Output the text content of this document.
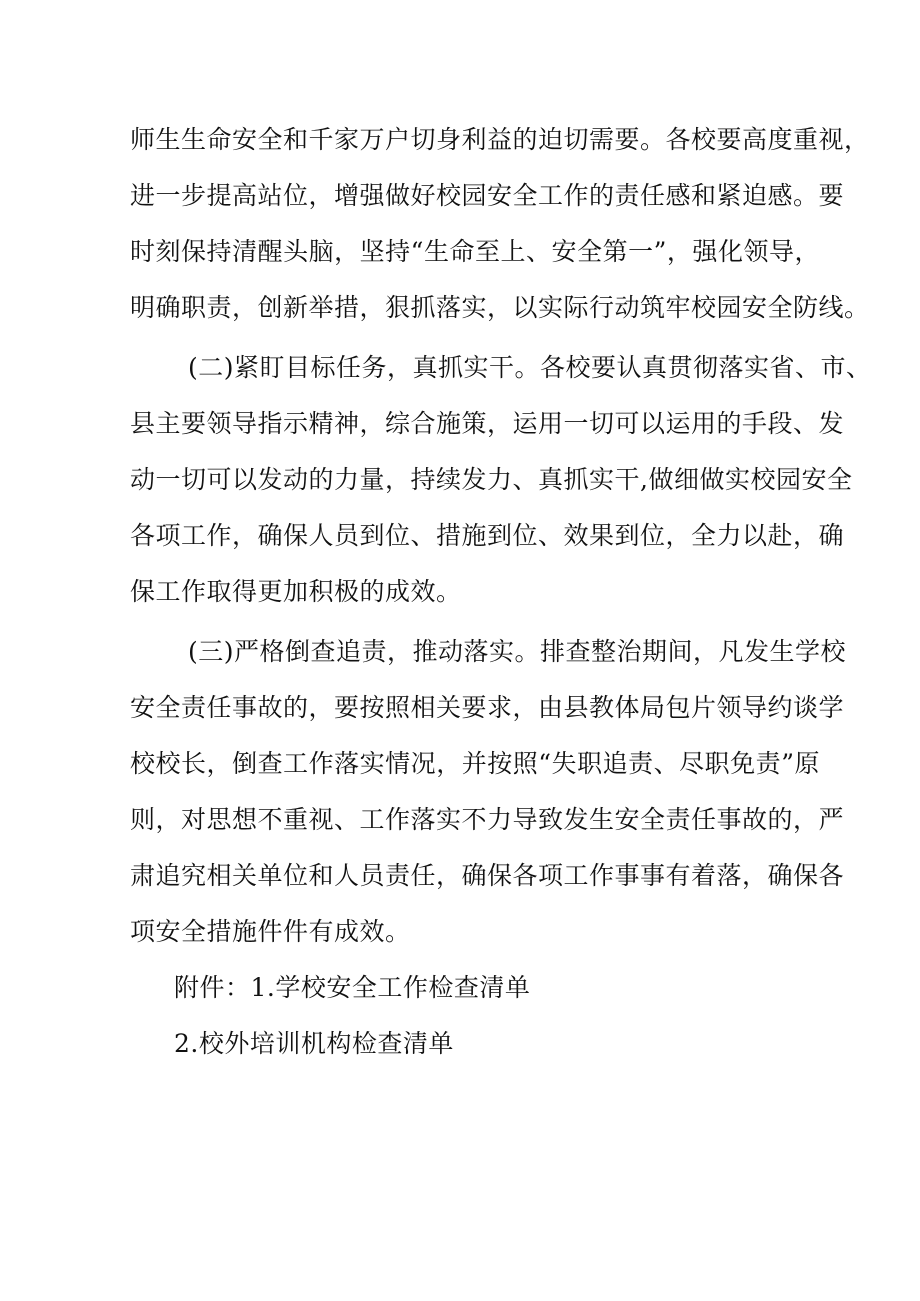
师生生命安全和千家万户切身利益的迫切需要。各校要高度重视，
进一步提高站位，增强做好校园安全工作的责任感和紧迫感。要
时刻保持清醒头脑，坚持“生命至上、安全第一”，强化领导，
明确职责，创新举措，狠抓落实，以实际行动筑牢校园安全防线。
(二)紧盯目标任务，真抓实干。各校要认真贯彻落实省、市、
县主要领导指示精神，综合施策，运用一切可以运用的手段、发
动一切可以发动的力量，持续发力、真抓实干,做细做实校园安全
各项工作，确保人员到位、措施到位、效果到位，全力以赴，确
保工作取得更加积极的成效。
(三)严格倒查追责，推动落实。排查整治期间，凡发生学校
安全责任事故的，要按照相关要求，由县教体局包片领导约谈学
校校长，倒查工作落实情况，并按照“失职追责、尽职免责”原
则，对思想不重视、工作落实不力导致发生安全责任事故的，严
肃追究相关单位和人员责任，确保各项工作事事有着落，确保各
项安全措施件件有成效。
附件：1.学校安全工作检查清单
2.校外培训机构检查清单
